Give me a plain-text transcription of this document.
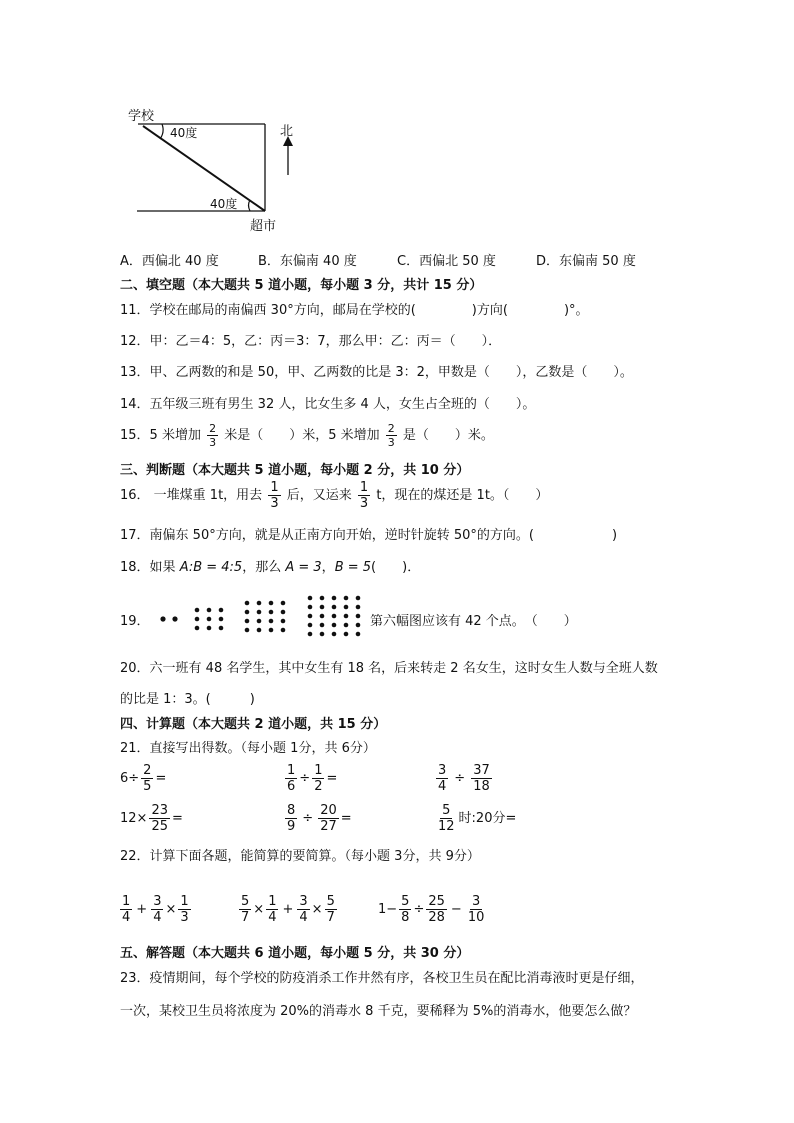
学校
40度
40度
超市
北
A．西偏北 40 度	B．东偏南 40 度	C．西偏北 50 度	D．东偏南 50 度
二、填空题（本大题共 5 道小题，每小题 3 分，共计 15 分）
11．学校在邮局的南偏西 30°方向，邮局在学校的(	)方向(	)°。
12．甲：乙＝4：5，乙：丙＝3：7，那么甲：乙：丙＝（　　）．
13．甲、乙两数的和是 50，甲、乙两数的比是 3：2，甲数是（　　），乙数是（　　）。
14．五年级三班有男生 32 人，比女生多 4 人，女生占全班的（　　）。
15．5 米增加 $\frac{2}{3}$ 米是（　　）米，5 米增加 $\frac{2}{3}$ 是（　　）米。
三、判断题（本大题共 5 道小题，每小题 2 分，共 10 分）
16． 一堆煤重 1t，用去 $\frac{1}{3}$ 后，又运来 $\frac{1}{3}$ t，现在的煤还是 1t。（　　）
17．南偏东 50°方向，就是从正南方向开始，逆时针旋转 50°的方向。(　　　　　　)
18．如果 A:B = 4:5，那么 A = 3，B = 5(　　)．
19．	第六幅图应该有 42 个点。　（　　）
20．六一班有 48 名学生，其中女生有 18 名，后来转走 2 名女生，这时女生人数与全班人数
的比是 1：3。(　　　)
四、计算题（本大题共 2 道小题，共 15 分）
21．直接写出得数。（每小题 1分，共 6分）
$6\div \frac{2}{5}$ =	$\frac{1}{6} \div \frac{1}{2}$ =	$\frac{3}{4} \div \frac{37}{18}$
$12\times \frac{23}{25}$ =	$\frac{8}{9} \div \frac{20}{27}$ =	$\frac{5}{12}$ 时:20分=
22．计算下面各题，能简算的要简算。（每小题 3分，共 9分）
$\frac{1}{4} + \frac{3}{4} \times \frac{1}{3}$	$\frac{5}{7} \times \frac{1}{4} + \frac{3}{4} \times \frac{5}{7}$	$1- \frac{5}{8} \div \frac{25}{28} - \frac{3}{10}$
五、解答题（本大题共 6 道小题，每小题 5 分，共 30 分）
23．疫情期间，每个学校的防疫消杀工作井然有序，各校卫生员在配比消毒液时更是仔细，
一次，某校卫生员将浓度为 20%的消毒水 8 千克，要稀释为 5%的消毒水，他要怎么做？
